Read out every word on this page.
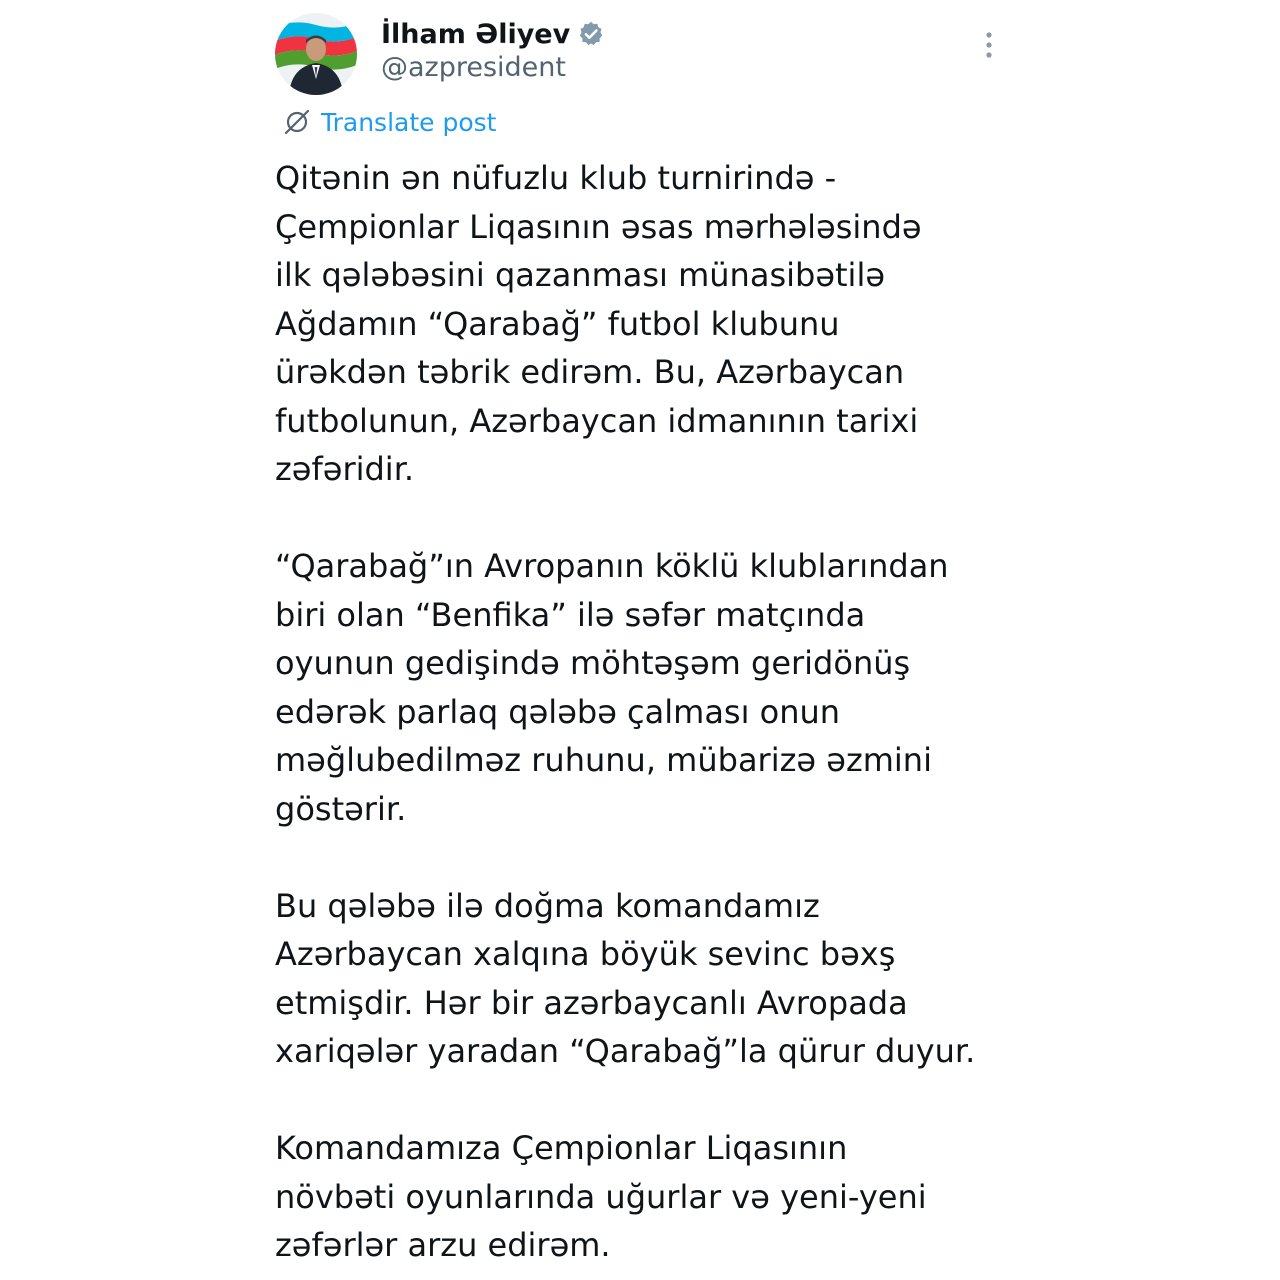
İlham Əliyev
@azpresident
Translate post

Qitənin ən nüfuzlu klub turnirində -
Çempionlar Liqasının əsas mərhələsində
ilk qələbəsini qazanması münasibətilə
Ağdamın “Qarabağ” futbol klubunu
ürəkdən təbrik edirəm. Bu, Azərbaycan
futbolunun, Azərbaycan idmanının tarixi
zəfəridir.

“Qarabağ”ın Avropanın köklü klublarından
biri olan “Benfika” ilə səfər matçında
oyunun gedişində möhtəşəm geridönüş
edərək parlaq qələbə çalması onun
məğlubedilməz ruhunu, mübarizə əzmini
göstərir.

Bu qələbə ilə doğma komandamız
Azərbaycan xalqına böyük sevinc bəxş
etmişdir. Hər bir azərbaycanlı Avropada
xariqələr yaradan “Qarabağ”la qürur duyur.

Komandamıza Çempionlar Liqasının
növbəti oyunlarında uğurlar və yeni-yeni
zəfərlər arzu edirəm.
